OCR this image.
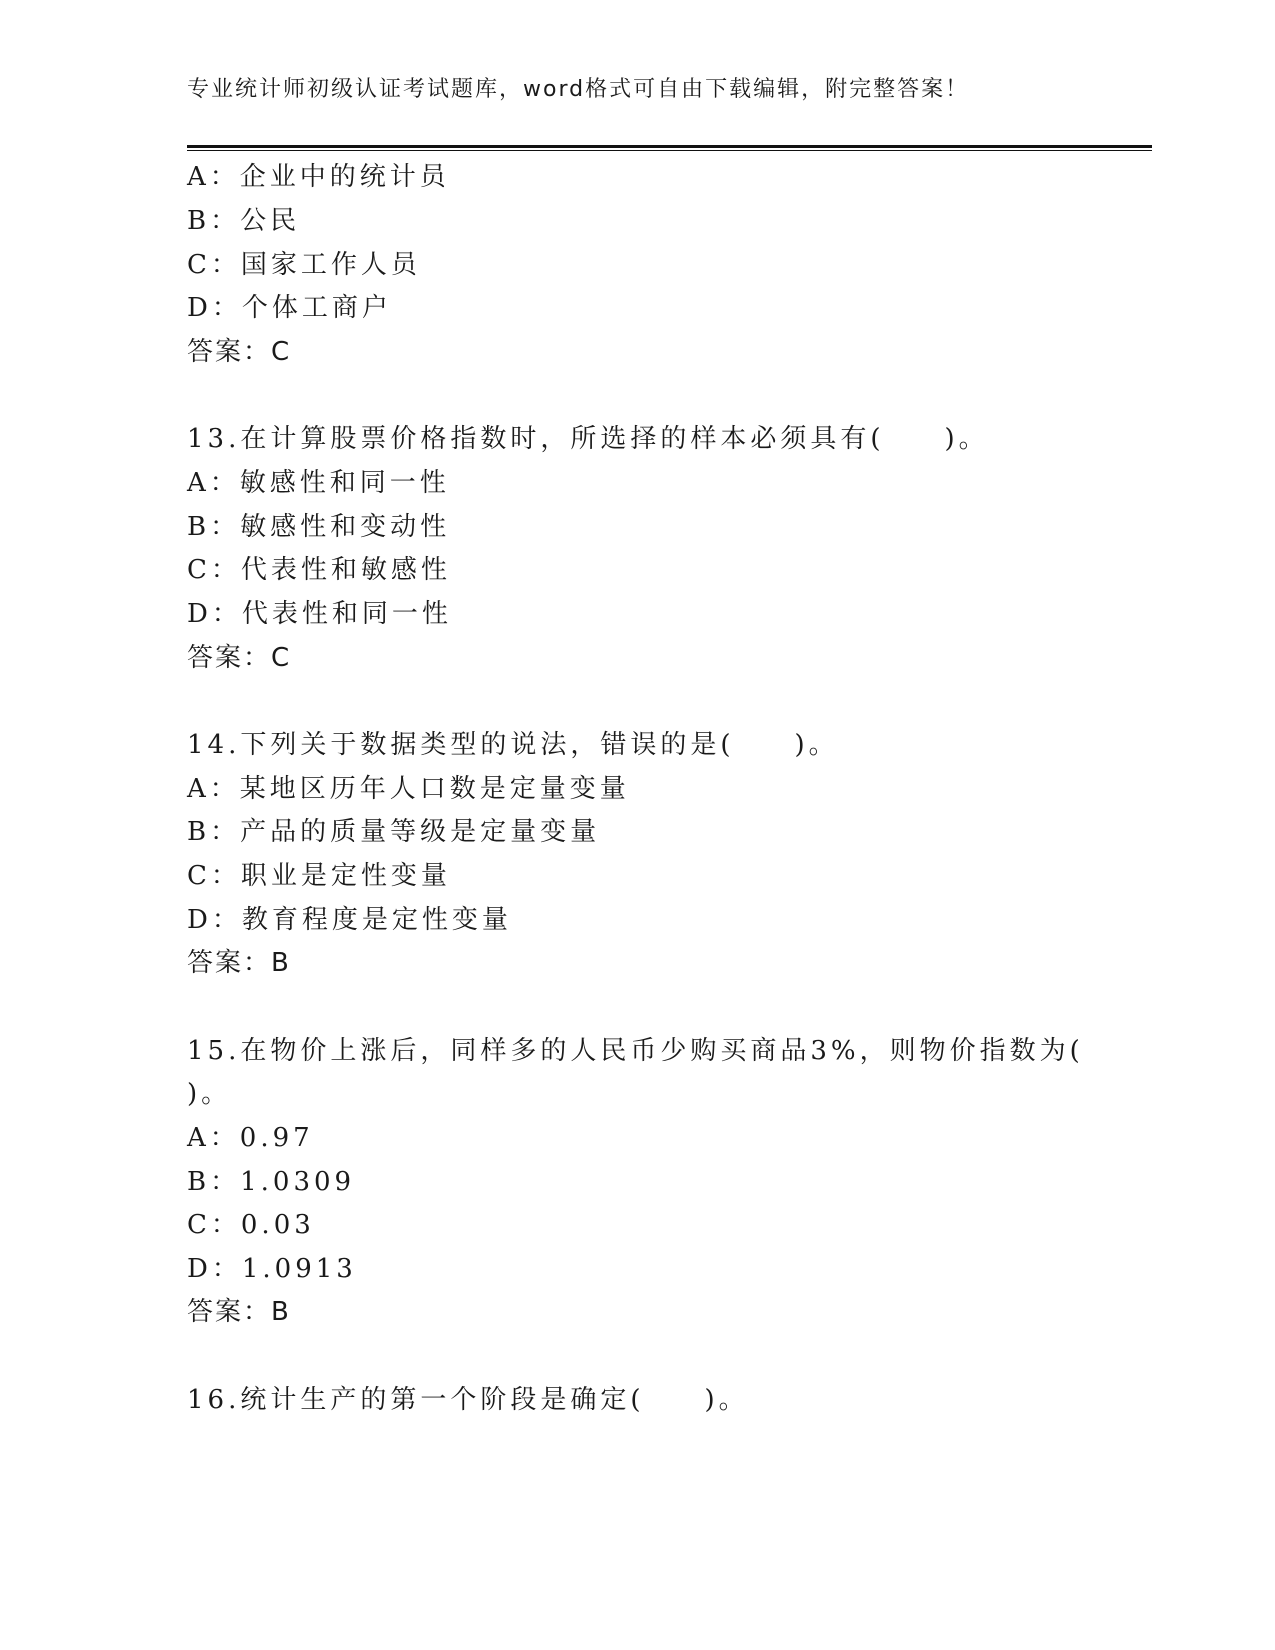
专业统计师初级认证考试题库，word格式可自由下载编辑，附完整答案！
A：企业中的统计员
B：公民
C：国家工作人员
D：个体工商户
答案：C
13.在计算股票价格指数时，所选择的样本必须具有(　　)。
A：敏感性和同一性
B：敏感性和变动性
C：代表性和敏感性
D：代表性和同一性
答案：C
14.下列关于数据类型的说法，错误的是(　　)。
A：某地区历年人口数是定量变量
B：产品的质量等级是定量变量
C：职业是定性变量
D：教育程度是定性变量
答案：B
15.在物价上涨后，同样多的人民币少购买商品3%，则物价指数为(
)。
A：0.97
B：1.0309
C：0.03
D：1.0913
答案：B
16.统计生产的第一个阶段是确定(　　)。
